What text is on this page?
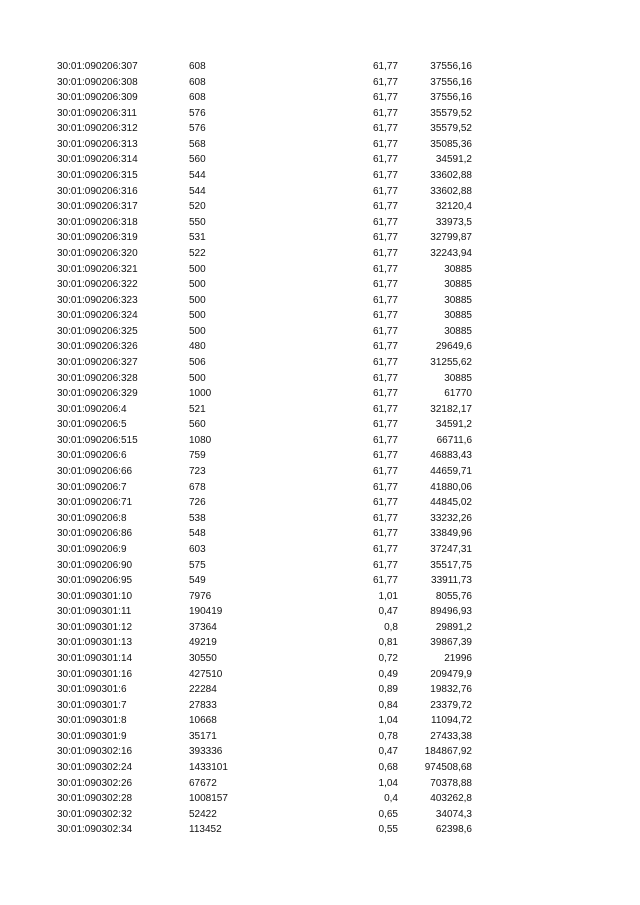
30:01:090206:307	608	61,77	37556,16
30:01:090206:308	608	61,77	37556,16
30:01:090206:309	608	61,77	37556,16
30:01:090206:311	576	61,77	35579,52
30:01:090206:312	576	61,77	35579,52
30:01:090206:313	568	61,77	35085,36
30:01:090206:314	560	61,77	34591,2
30:01:090206:315	544	61,77	33602,88
30:01:090206:316	544	61,77	33602,88
30:01:090206:317	520	61,77	32120,4
30:01:090206:318	550	61,77	33973,5
30:01:090206:319	531	61,77	32799,87
30:01:090206:320	522	61,77	32243,94
30:01:090206:321	500	61,77	30885
30:01:090206:322	500	61,77	30885
30:01:090206:323	500	61,77	30885
30:01:090206:324	500	61,77	30885
30:01:090206:325	500	61,77	30885
30:01:090206:326	480	61,77	29649,6
30:01:090206:327	506	61,77	31255,62
30:01:090206:328	500	61,77	30885
30:01:090206:329	1000	61,77	61770
30:01:090206:4	521	61,77	32182,17
30:01:090206:5	560	61,77	34591,2
30:01:090206:515	1080	61,77	66711,6
30:01:090206:6	759	61,77	46883,43
30:01:090206:66	723	61,77	44659,71
30:01:090206:7	678	61,77	41880,06
30:01:090206:71	726	61,77	44845,02
30:01:090206:8	538	61,77	33232,26
30:01:090206:86	548	61,77	33849,96
30:01:090206:9	603	61,77	37247,31
30:01:090206:90	575	61,77	35517,75
30:01:090206:95	549	61,77	33911,73
30:01:090301:10	7976	1,01	8055,76
30:01:090301:11	190419	0,47	89496,93
30:01:090301:12	37364	0,8	29891,2
30:01:090301:13	49219	0,81	39867,39
30:01:090301:14	30550	0,72	21996
30:01:090301:16	427510	0,49	209479,9
30:01:090301:6	22284	0,89	19832,76
30:01:090301:7	27833	0,84	23379,72
30:01:090301:8	10668	1,04	11094,72
30:01:090301:9	35171	0,78	27433,38
30:01:090302:16	393336	0,47	184867,92
30:01:090302:24	1433101	0,68	974508,68
30:01:090302:26	67672	1,04	70378,88
30:01:090302:28	1008157	0,4	403262,8
30:01:090302:32	52422	0,65	34074,3
30:01:090302:34	113452	0,55	62398,6
